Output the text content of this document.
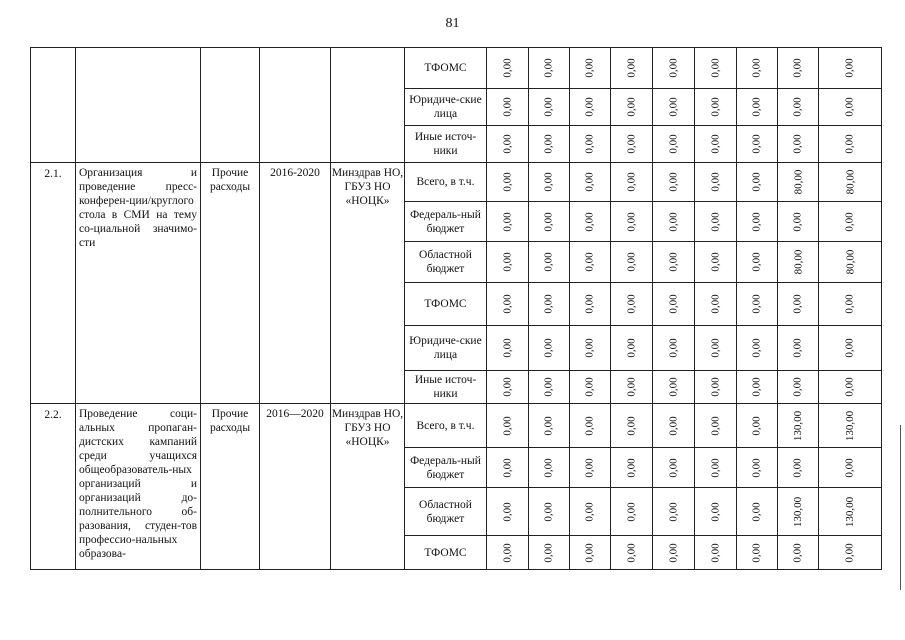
81
					ТФОМС	0,00	0,00	0,00	0,00	0,00	0,00	0,00	0,00	0,00
					Юридиче-ские лица	0,00	0,00	0,00	0,00	0,00	0,00	0,00	0,00	0,00
					Иные источ-ники	0,00	0,00	0,00	0,00	0,00	0,00	0,00	0,00	0,00
2.1.	Организация и проведение пресс-конферен-ции/круглого стола в СМИ на тему со-циальной значимо-сти	Прочие расходы	2016-2020	Минздрав НО, ГБУЗ НО «НОЦК»	Всего, в т.ч.	0,00	0,00	0,00	0,00	0,00	0,00	0,00	80,00	80,00
					Федераль-ный бюджет	0,00	0,00	0,00	0,00	0,00	0,00	0,00	0,00	0,00
					Областной бюджет	0,00	0,00	0,00	0,00	0,00	0,00	0,00	80,00	80,00
					ТФОМС	0,00	0,00	0,00	0,00	0,00	0,00	0,00	0,00	0,00
					Юридиче-ские лица	0,00	0,00	0,00	0,00	0,00	0,00	0,00	0,00	0,00
					Иные источ-ники	0,00	0,00	0,00	0,00	0,00	0,00	0,00	0,00	0,00
2.2.	Проведение соци-альных пропаган-дистских кампаний среди учащихся общеобразователь-ных организаций и организаций до-полнительного об-разования, студен-тов профессио-нальных образова-	Прочие расходы	2016—2020	Минздрав НО, ГБУЗ НО «НОЦК»	Всего, в т.ч.	0,00	0,00	0,00	0,00	0,00	0,00	0,00	130,00	130,00
					Федераль-ный бюджет	0,00	0,00	0,00	0,00	0,00	0,00	0,00	0,00	0,00
					Областной бюджет	0,00	0,00	0,00	0,00	0,00	0,00	0,00	130,00	130,00
					ТФОМС	0,00	0,00	0,00	0,00	0,00	0,00	0,00	0,00	0,00
